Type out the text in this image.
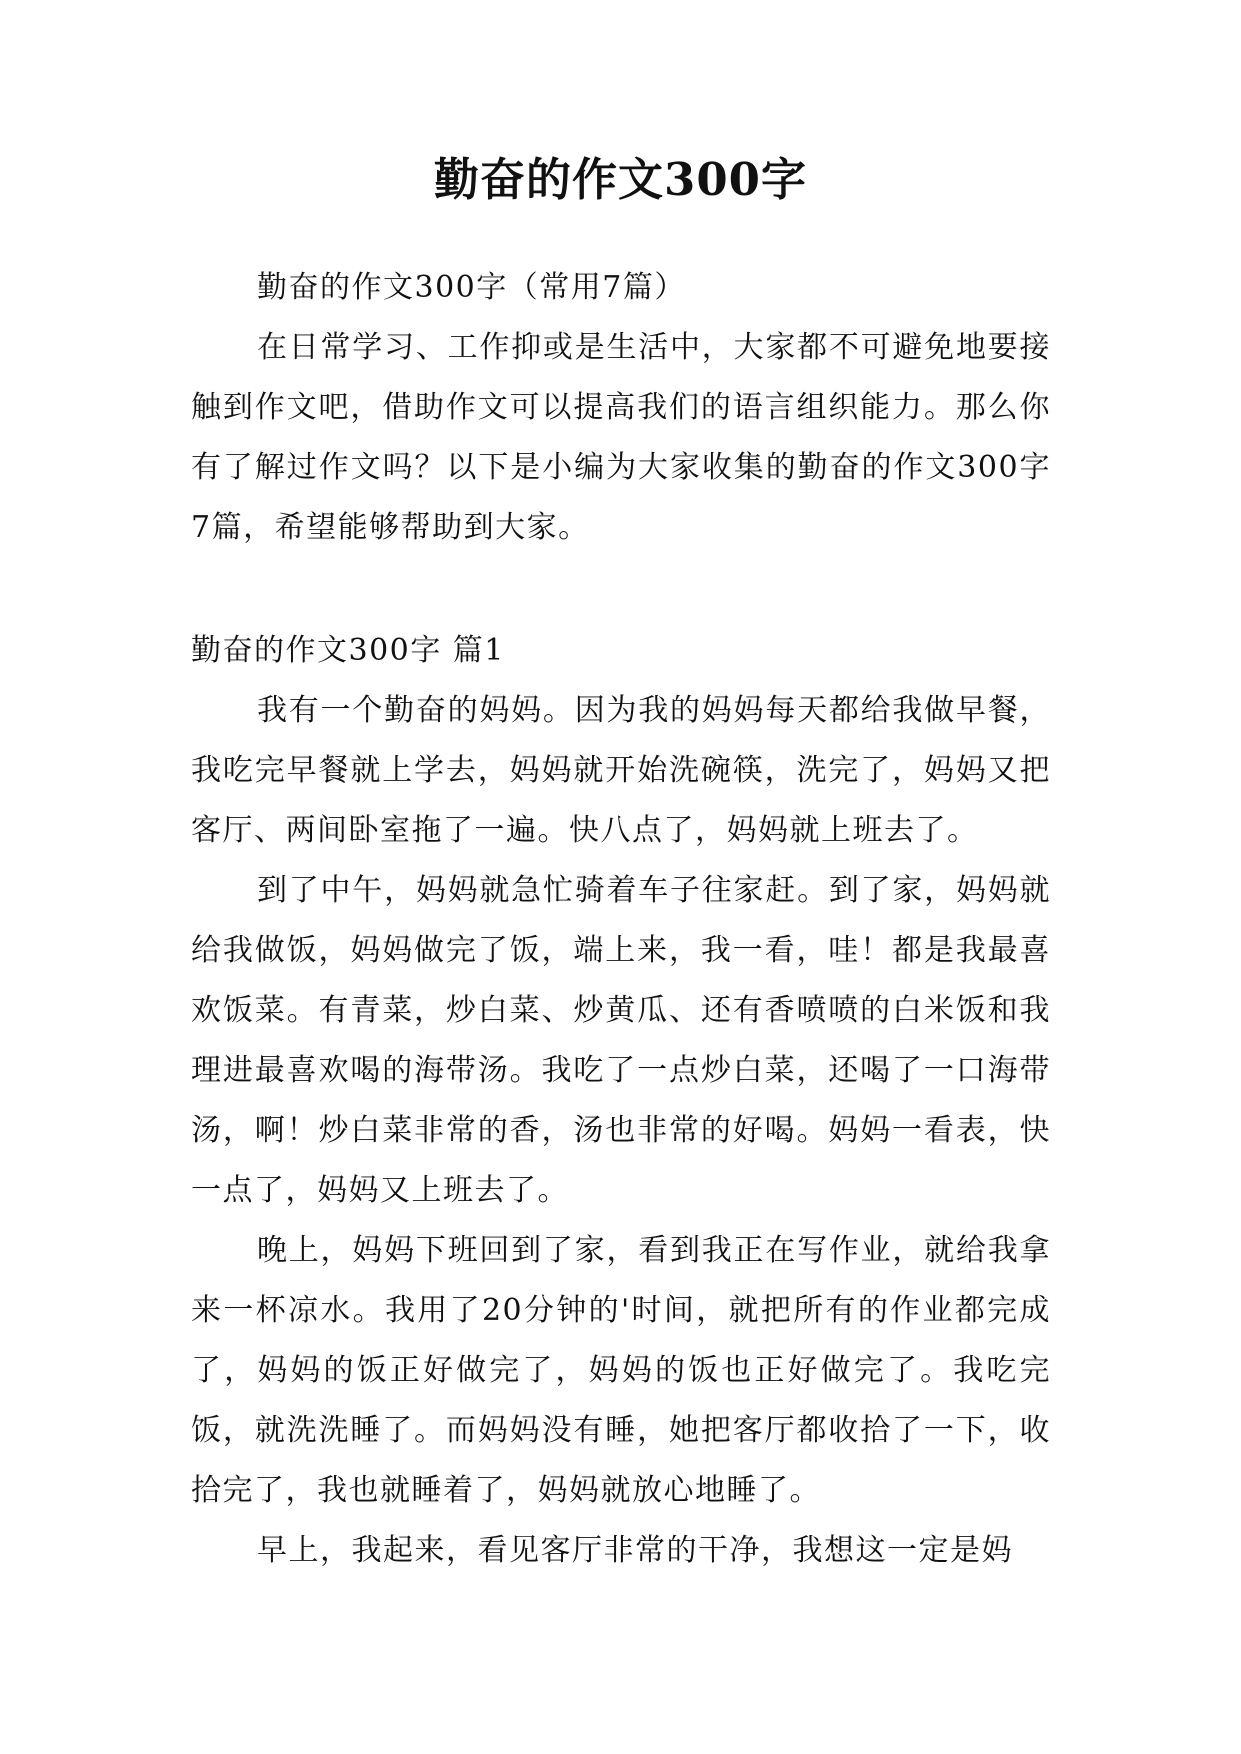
勤奋的作文300字

勤奋的作文300字（常用7篇）

在日常学习、工作抑或是生活中，大家都不可避免地要接触到作文吧，借助作文可以提高我们的语言组织能力。那么你有了解过作文吗？以下是小编为大家收集的勤奋的作文300字7篇，希望能够帮助到大家。

勤奋的作文300字 篇1

我有一个勤奋的妈妈。因为我的妈妈每天都给我做早餐，我吃完早餐就上学去，妈妈就开始洗碗筷，洗完了，妈妈又把客厅、两间卧室拖了一遍。快八点了，妈妈就上班去了。

到了中午，妈妈就急忙骑着车子往家赶。到了家，妈妈就给我做饭，妈妈做完了饭，端上来，我一看，哇！都是我最喜欢饭菜。有青菜，炒白菜、炒黄瓜、还有香喷喷的白米饭和我理进最喜欢喝的海带汤。我吃了一点炒白菜，还喝了一口海带汤，啊！炒白菜非常的香，汤也非常的好喝。妈妈一看表，快一点了，妈妈又上班去了。

晚上，妈妈下班回到了家，看到我正在写作业，就给我拿来一杯凉水。我用了20分钟的'时间，就把所有的作业都完成了，妈妈的饭正好做完了，妈妈的饭也正好做完了。我吃完饭，就洗洗睡了。而妈妈没有睡，她把客厅都收拾了一下，收拾完了，我也就睡着了，妈妈就放心地睡了。

早上，我起来，看见客厅非常的干净，我想这一定是妈
